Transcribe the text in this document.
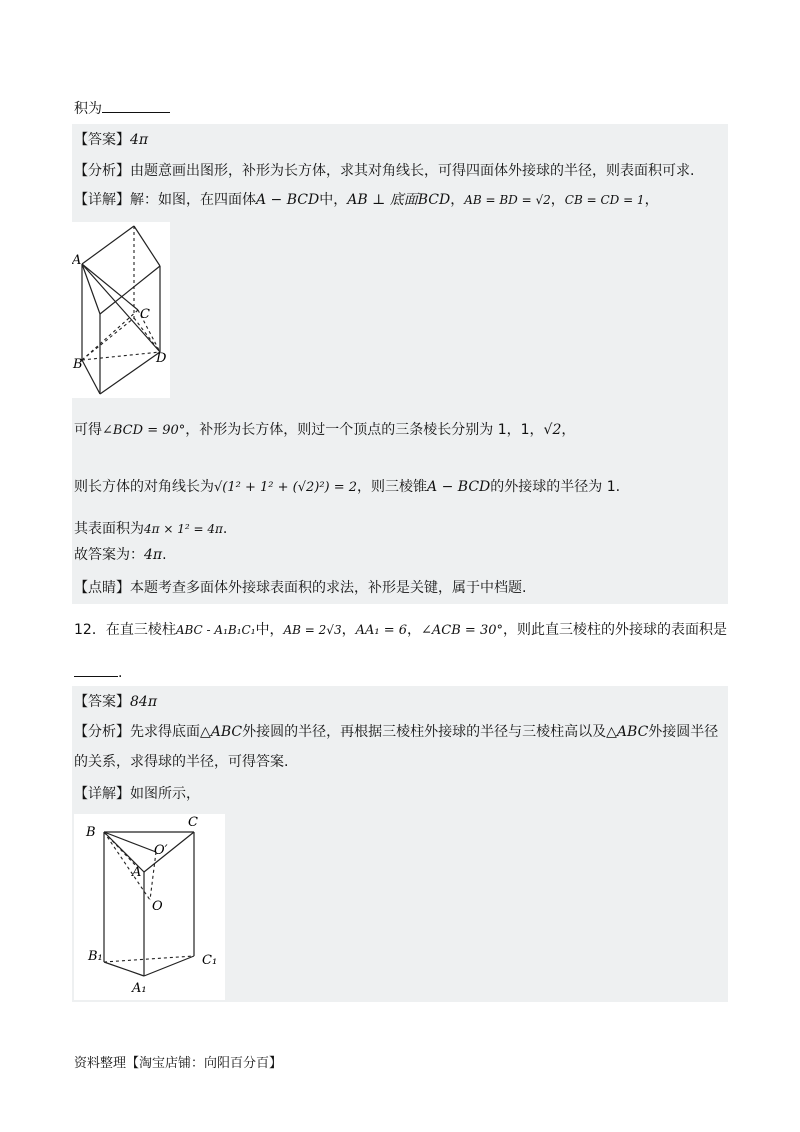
积为
【答案】4π
【分析】由题意画出图形，补形为长方体，求其对角线长，可得四面体外接球的半径，则表面积可求.
【详解】解：如图，在四面体A − BCD中，AB ⊥ 底面BCD，AB = BD = √2，CB = CD = 1，
A
C
B	D
可得∠BCD = 90°，补形为长方体，则过一个顶点的三条棱长分别为 1，1，√2，
则长方体的对角线长为√(1² + 1² + (√2)²) = 2，则三棱锥A − BCD的外接球的半径为 1.
其表面积为4π × 1² = 4π.
故答案为：4π.
【点睛】本题考查多面体外接球表面积的求法，补形是关键，属于中档题.
12．在直三棱柱ABC - A₁B₁C₁中，AB = 2√3，AA₁ = 6，∠ACB = 30°，则此直三棱柱的外接球的表面积是
.
【答案】84π
【分析】先求得底面△ABC外接圆的半径，再根据三棱柱外接球的半径与三棱柱高以及△ABC外接圆半径
的关系，求得球的半径，可得答案.
【详解】如图所示，
B
C
O′
A
O
B₁	C₁
A₁
资料整理【淘宝店铺：向阳百分百】
